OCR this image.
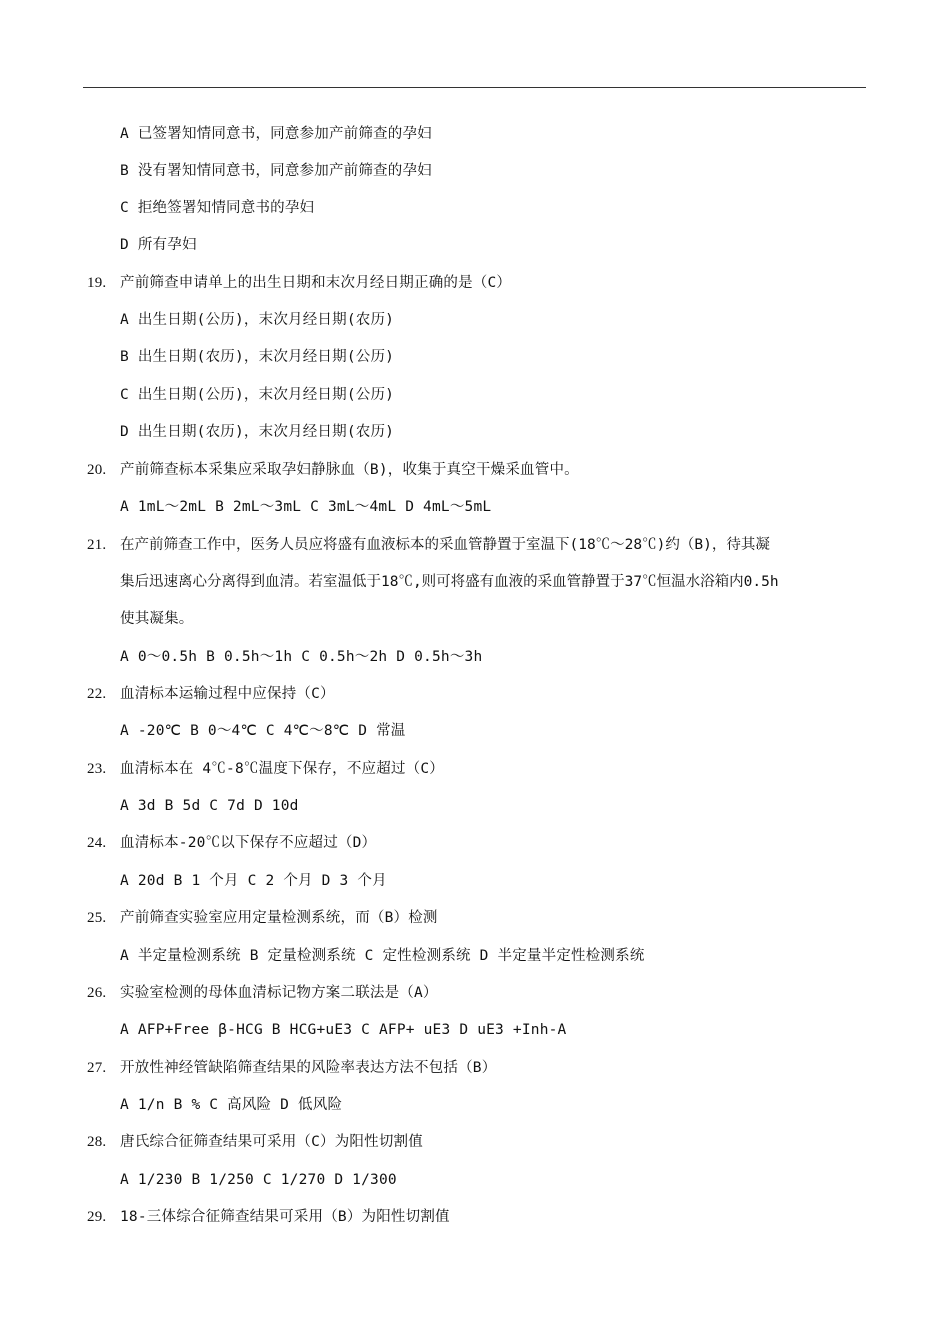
A 已签署知情同意书，同意参加产前筛查的孕妇
B 没有署知情同意书，同意参加产前筛查的孕妇
C 拒绝签署知情同意书的孕妇
D 所有孕妇
19. 产前筛查申请单上的出生日期和末次月经日期正确的是（C）
A 出生日期(公历)，末次月经日期(农历)
B 出生日期(农历)，末次月经日期(公历)
C 出生日期(公历)，末次月经日期(公历)
D 出生日期(农历)，末次月经日期(农历)
20. 产前筛查标本采集应采取孕妇静脉血（B)，收集于真空干燥采血管中。
A 1mL～2mL B 2mL～3mL C 3mL～4mL D 4mL～5mL
21. 在产前筛查工作中，医务人员应将盛有血液标本的采血管静置于室温下(18℃～28℃)约（B)，待其凝
集后迅速离心分离得到血清。若室温低于18℃,则可将盛有血液的采血管静置于37℃恒温水浴箱内0.5h
使其凝集。
A 0～0.5h B 0.5h～1h C 0.5h～2h D 0.5h～3h
22. 血清标本运输过程中应保持（C）
A -20℃ B 0～4℃ C 4℃～8℃ D 常温
23. 血清标本在 4℃-8℃温度下保存，不应超过（C）
A 3d B 5d C 7d D 10d
24. 血清标本-20℃以下保存不应超过（D）
A 20d B 1 个月 C 2 个月 D 3 个月
25. 产前筛查实验室应用定量检测系统，而（B）检测
A 半定量检测系统 B 定量检测系统 C 定性检测系统 D 半定量半定性检测系统
26. 实验室检测的母体血清标记物方案二联法是（A）
A AFP+Free β-HCG B HCG+uE3 C AFP+ uE3 D uE3 +Inh-A
27. 开放性神经管缺陷筛查结果的风险率表达方法不包括（B）
A 1/n B % C 高风险 D 低风险
28. 唐氏综合征筛查结果可采用（C）为阳性切割值
A 1/230 B 1/250 C 1/270 D 1/300
29. 18-三体综合征筛查结果可采用（B）为阳性切割值
